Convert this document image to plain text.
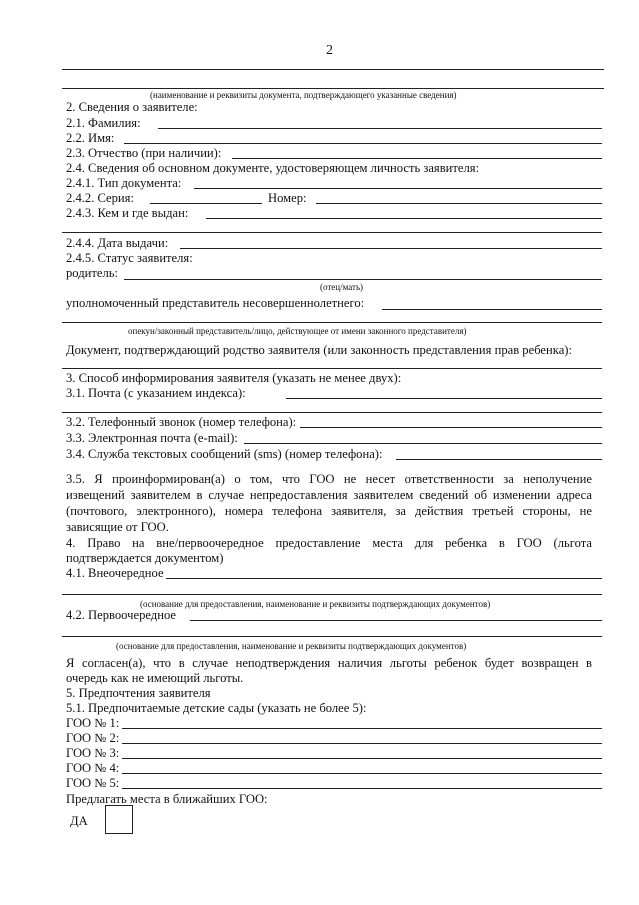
2
(наименование и реквизиты документа, подтверждающего указанные сведения)
2. Сведения о заявителе:
2.1. Фамилия:
2.2. Имя:
2.3. Отчество (при наличии):
2.4. Сведения об основном документе, удостоверяющем личность заявителя:
2.4.1. Тип документа:
2.4.2. Серия:	Номер:
2.4.3. Кем и где выдан:
2.4.4. Дата выдачи:
2.4.5. Статус заявителя:
родитель:
(отец/мать)
уполномоченный представитель несовершеннолетнего:
опекун/законный представитель/лицо, действующее от имени законного представителя)
Документ, подтверждающий родство заявителя (или законность представления прав ребенка):
3. Способ информирования заявителя (указать не менее двух):
3.1. Почта (с указанием индекса):
3.2. Телефонный звонок (номер телефона):
3.3. Электронная почта (e-mail):
3.4. Служба текстовых сообщений (sms) (номер телефона):
3.5. Я проинформирован(а) о том, что ГОО не несет ответственности за неполучение
извещений заявителем в случае непредоставления заявителем сведений об изменении адреса
(почтового, электронного), номера телефона заявителя, за действия третьей стороны, не
зависящие от ГОО.
4. Право на вне/первоочередное предоставление места для ребенка в ГОО (льгота
подтверждается документом)
4.1. Внеочередное
(основание для предоставления, наименование и реквизиты подтверждающих документов)
4.2. Первоочередное
(основание для предоставления, наименование и реквизиты подтверждающих документов)
Я согласен(а), что в случае неподтверждения наличия льготы ребенок будет возвращен в
очередь как не имеющий льготы.
5. Предпочтения заявителя
5.1. Предпочитаемые детские сады (указать не более 5):
ГОО № 1:
ГОО № 2:
ГОО № 3:
ГОО № 4:
ГОО № 5:
Предлагать места в ближайших ГОО:
ДА
